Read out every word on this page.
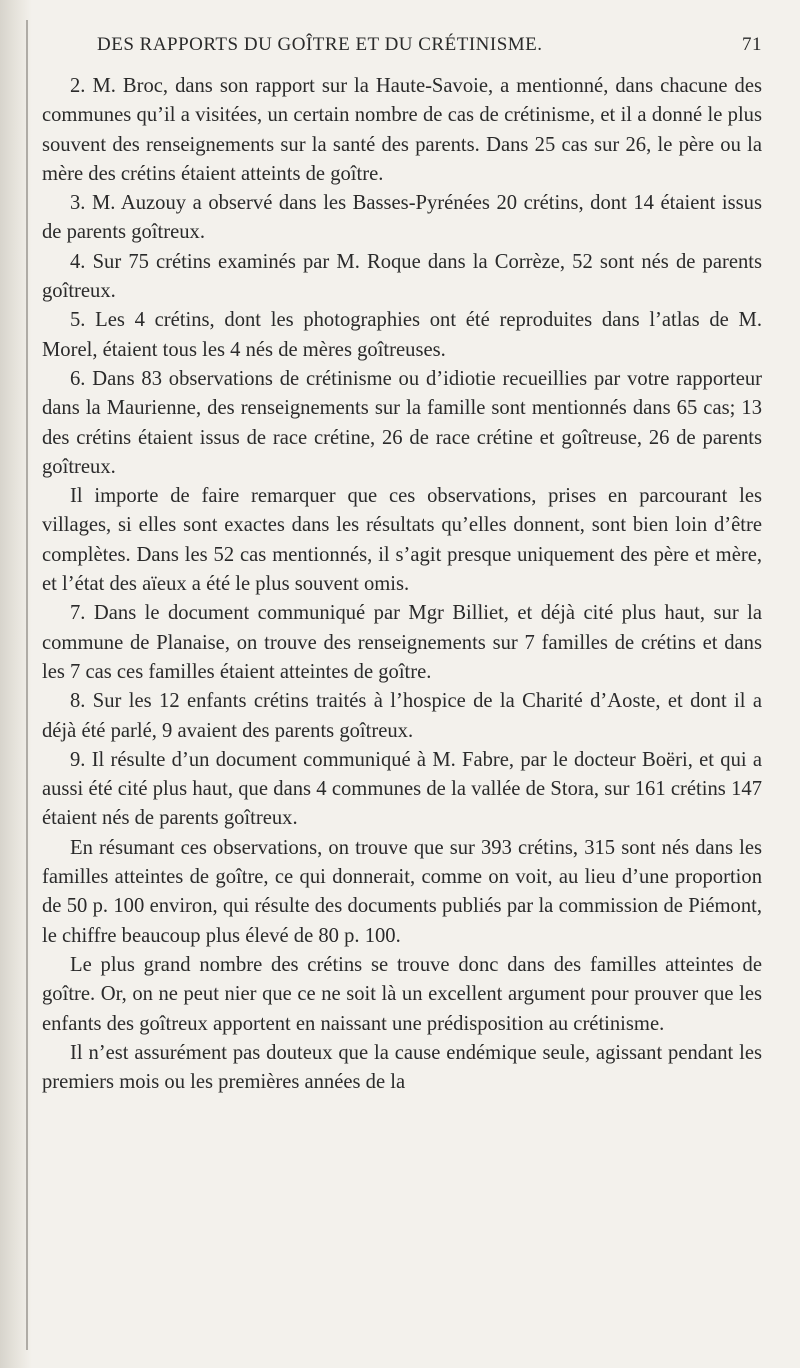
DES RAPPORTS DU GOÎTRE ET DU CRÉTINISME.	71

2. M. Broc, dans son rapport sur la Haute-Savoie, a mentionné, dans chacune des communes qu’il a visitées, un certain nombre de cas de crétinisme, et il a donné le plus souvent des renseignements sur la santé des parents. Dans 25 cas sur 26, le père ou la mère des crétins étaient atteints de goître.

3. M. Auzouy a observé dans les Basses-Pyrénées 20 crétins, dont 14 étaient issus de parents goîtreux.

4. Sur 75 crétins examinés par M. Roque dans la Corrèze, 52 sont nés de parents goîtreux.

5. Les 4 crétins, dont les photographies ont été reproduites dans l’atlas de M. Morel, étaient tous les 4 nés de mères goîtreuses.

6. Dans 83 observations de crétinisme ou d’idiotie recueillies par votre rapporteur dans la Maurienne, des renseignements sur la famille sont mentionnés dans 65 cas; 13 des crétins étaient issus de race crétine, 26 de race crétine et goîtreuse, 26 de parents goîtreux.

Il importe de faire remarquer que ces observations, prises en parcourant les villages, si elles sont exactes dans les résultats qu’elles donnent, sont bien loin d’être complètes. Dans les 52 cas mentionnés, il s’agit presque uniquement des père et mère, et l’état des aïeux a été le plus souvent omis.

7. Dans le document communiqué par Mgr Billiet, et déjà cité plus haut, sur la commune de Planaise, on trouve des renseignements sur 7 familles de crétins et dans les 7 cas ces familles étaient atteintes de goître.

8. Sur les 12 enfants crétins traités à l’hospice de la Charité d’Aoste, et dont il a déjà été parlé, 9 avaient des parents goîtreux.

9. Il résulte d’un document communiqué à M. Fabre, par le docteur Boëri, et qui a aussi été cité plus haut, que dans 4 communes de la vallée de Stora, sur 161 crétins 147 étaient nés de parents goîtreux.

En résumant ces observations, on trouve que sur 393 crétins, 315 sont nés dans les familles atteintes de goître, ce qui donnerait, comme on voit, au lieu d’une proportion de 50 p. 100 environ, qui résulte des documents publiés par la commission de Piémont, le chiffre beaucoup plus élevé de 80 p. 100.

Le plus grand nombre des crétins se trouve donc dans des familles atteintes de goître. Or, on ne peut nier que ce ne soit là un excellent argument pour prouver que les enfants des goîtreux apportent en naissant une prédisposition au crétinisme.

Il n’est assurément pas douteux que la cause endémique seule, agissant pendant les premiers mois ou les premières années de la
